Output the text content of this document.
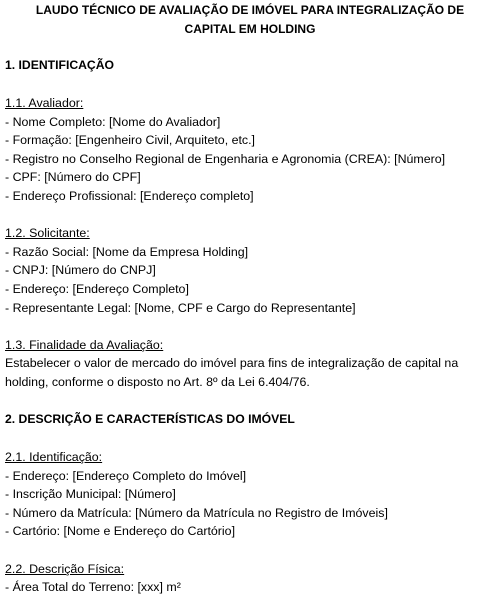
LAUDO TÉCNICO DE AVALIAÇÃO DE IMÓVEL PARA INTEGRALIZAÇÃO DE CAPITAL EM HOLDING

1. IDENTIFICAÇÃO

1.1. Avaliador:

- Nome Completo: [Nome do Avaliador]

- Formação: [Engenheiro Civil, Arquiteto, etc.]

- Registro no Conselho Regional de Engenharia e Agronomia (CREA): [Número]

- CPF: [Número do CPF]

- Endereço Profissional: [Endereço completo]

1.2. Solicitante:

- Razão Social: [Nome da Empresa Holding]

- CNPJ: [Número do CNPJ]

- Endereço: [Endereço Completo]

- Representante Legal: [Nome, CPF e Cargo do Representante]

1.3. Finalidade da Avaliação:

Estabelecer o valor de mercado do imóvel para fins de integralização de capital na holding, conforme o disposto no Art. 8º da Lei 6.404/76.

2. DESCRIÇÃO E CARACTERÍSTICAS DO IMÓVEL

2.1. Identificação:

- Endereço: [Endereço Completo do Imóvel]

- Inscrição Municipal: [Número]

- Número da Matrícula: [Número da Matrícula no Registro de Imóveis]

- Cartório: [Nome e Endereço do Cartório]

2.2. Descrição Física:

- Área Total do Terreno: [xxx] m²
